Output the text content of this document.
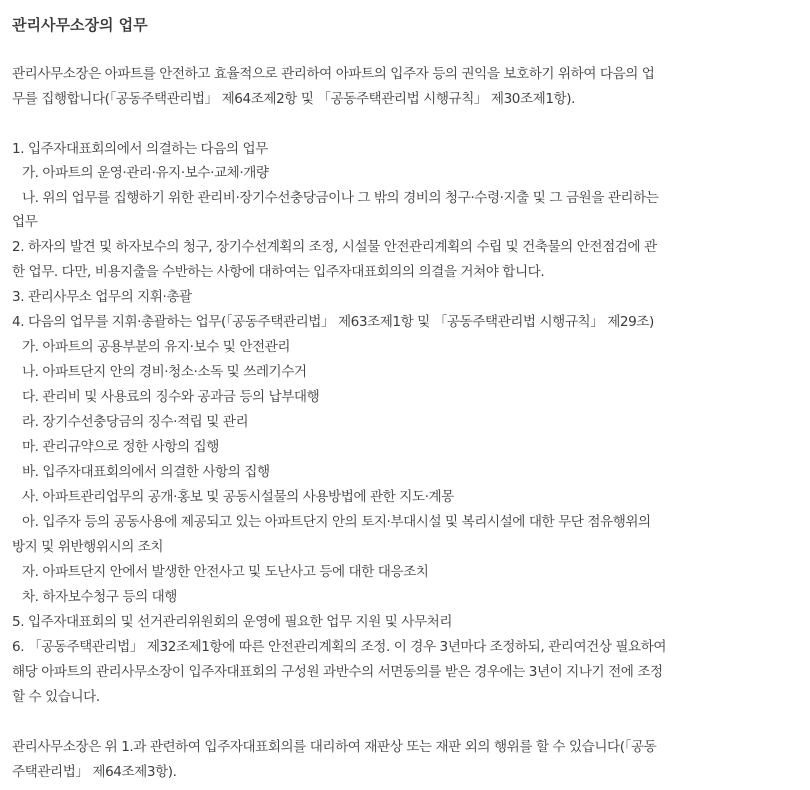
관리사무소장의 업무
관리사무소장은 아파트를 안전하고 효율적으로 관리하여 아파트의 입주자 등의 권익을 보호하기 위하여 다음의 업
무를 집행합니다(「공동주택관리법」 제64조제2항 및 「공동주택관리법 시행규칙」 제30조제1항).
1. 입주자대표회의에서 의결하는 다음의 업무
가. 아파트의 운영·관리·유지·보수·교체·개량
나. 위의 업무를 집행하기 위한 관리비·장기수선충당금이나 그 밖의 경비의 청구·수령·지출 및 그 금원을 관리하는
업무
2. 하자의 발견 및 하자보수의 청구, 장기수선계획의 조정, 시설물 안전관리계획의 수립 및 건축물의 안전점검에 관
한 업무. 다만, 비용지출을 수반하는 사항에 대하여는 입주자대표회의의 의결을 거쳐야 합니다.
3. 관리사무소 업무의 지휘·총괄
4. 다음의 업무를 지휘·총괄하는 업무(「공동주택관리법」 제63조제1항 및 「공동주택관리법 시행규칙」 제29조)
가. 아파트의 공용부분의 유지·보수 및 안전관리
나. 아파트단지 안의 경비·청소·소독 및 쓰레기수거
다. 관리비 및 사용료의 징수와 공과금 등의 납부대행
라. 장기수선충당금의 징수·적립 및 관리
마. 관리규약으로 정한 사항의 집행
바. 입주자대표회의에서 의결한 사항의 집행
사. 아파트관리업무의 공개·홍보 및 공동시설물의 사용방법에 관한 지도·계몽
아. 입주자 등의 공동사용에 제공되고 있는 아파트단지 안의 토지·부대시설 및 복리시설에 대한 무단 점유행위의
방지 및 위반행위시의 조치
자. 아파트단지 안에서 발생한 안전사고 및 도난사고 등에 대한 대응조치
차. 하자보수청구 등의 대행
5. 입주자대표회의 및 선거관리위원회의 운영에 필요한 업무 지원 및 사무처리
6. 「공동주택관리법」 제32조제1항에 따른 안전관리계획의 조정. 이 경우 3년마다 조정하되, 관리여건상 필요하여
해당 아파트의 관리사무소장이 입주자대표회의 구성원 과반수의 서면동의를 받은 경우에는 3년이 지나기 전에 조정
할 수 있습니다.
관리사무소장은 위 1.과 관련하여 입주자대표회의를 대리하여 재판상 또는 재판 외의 행위를 할 수 있습니다(「공동
주택관리법」 제64조제3항).
